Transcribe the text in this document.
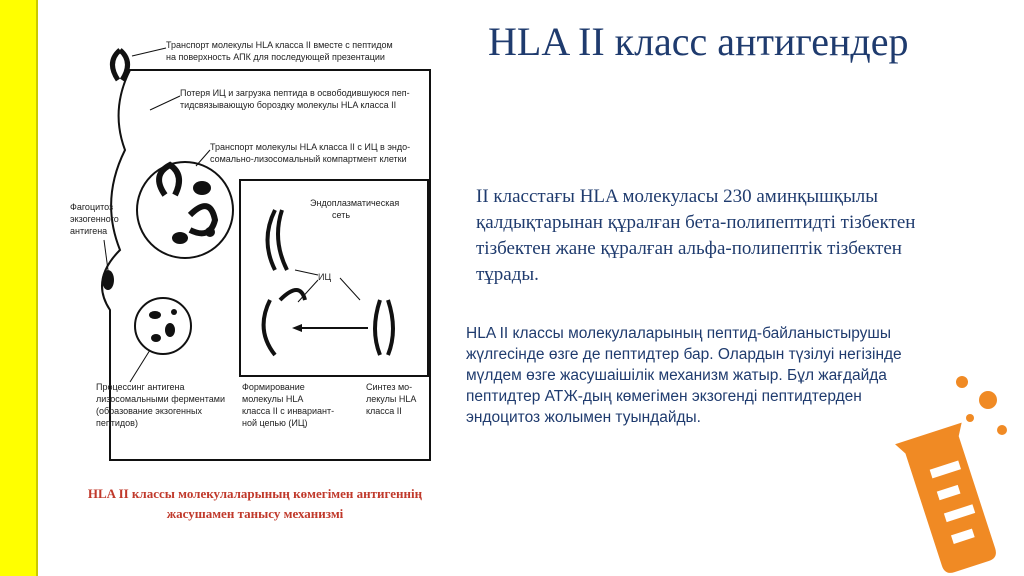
HLA II класс антигендер
Транспорт молекулы HLA класса II вместе с пептидом
на поверхность АПК для последующей презентации
Потеря ИЦ и загрузка пептида в освободившуюся пеп-
тидсвязывающую бороздку молекулы HLA класса II
Транспорт молекулы HLA класса II с ИЦ в эндо-
сомально-лизосомальный компартмент клетки
Фагоцитоз
экзогенного
антигена
Эндоплазматическая
сеть
ИЦ
Процессинг антигена
лизосомальными ферментами
(образование экзогенных
пептидов)
Формирование
молекулы HLA
класса II с инвариант-
ной цепью (ИЦ)
Синтез мо-
лекулы HLA
класса II
HLA II классы молекулаларының көмегімен антигеннің
жасушамен танысу механизмі
II класстағы HLA молекуласы 230 аминқышқылы
қалдықтарынан құралған бета-полипептидті тізбектен
тізбектен жане құралған альфа-полипептік тізбектен
тұрады.
HLA II классы молекулаларының пептид-байланыстырушы
жүлгесінде өзге де пептидтер бар. Олардын түзілуі негізінде
мүлдем өзге жасушаішілік механизм жатыр. Бұл жағдайда
пептидтер АТЖ-дың көмегімен экзогенді пептидтерден
эндоцитоз жолымен туындайды.
